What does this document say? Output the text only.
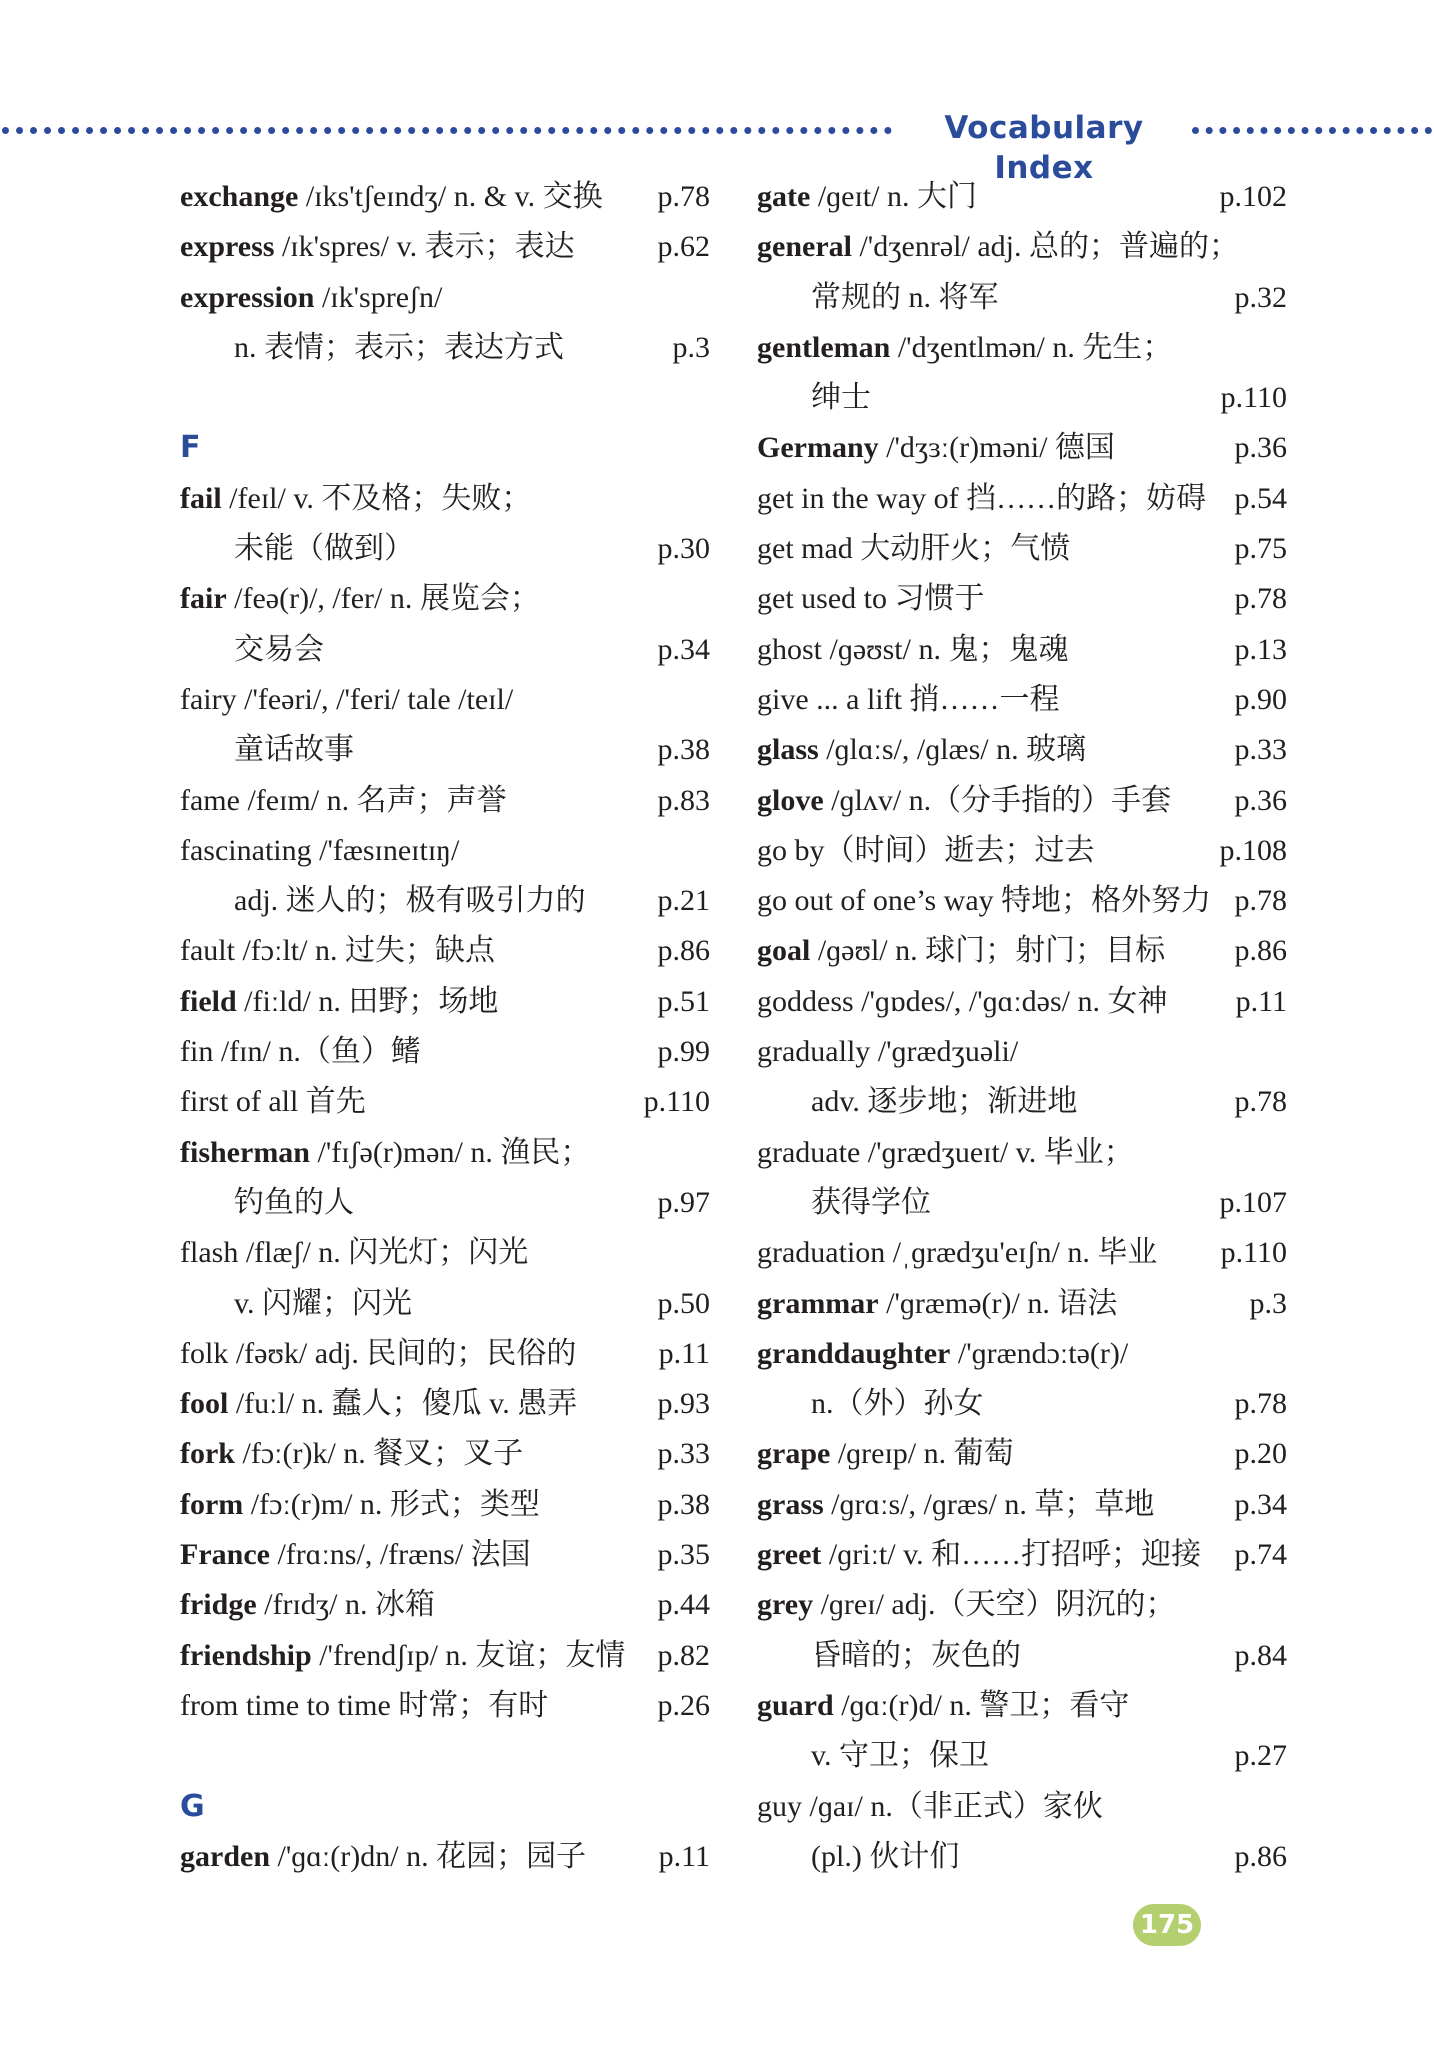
Vocabulary Index
exchange /ɪks'tʃeɪndʒ/ n. & v. 交换 p.78
express /ɪk'spres/ v. 表示；表达	p.62
expression /ɪk'spreʃn/
n. 表情；表示；表达方式	p.3
F
fail /feɪl/ v. 不及格；失败；
未能（做到）	p.30
fair /feə(r)/, /fer/ n. 展览会；
交易会	p.34
fairy /'feəri/, /'feri/ tale /teɪl/
童话故事	p.38
fame /feɪm/ n. 名声；声誉	p.83
fascinating /'fæsɪneɪtɪŋ/
adj. 迷人的；极有吸引力的 p.21
fault /fɔːlt/ n. 过失；缺点	p.86
field /fiːld/ n. 田野；场地	p.51
fin /fɪn/ n.（鱼）鳍	p.99
first of all 首先	p.110
fisherman /'fɪʃə(r)mən/ n. 渔民；
钓鱼的人	p.97
flash /flæʃ/ n. 闪光灯；闪光
v. 闪耀；闪光	p.50
folk /fəʊk/ adj. 民间的；民俗的	p.11
fool /fuːl/ n. 蠢人；傻瓜 v. 愚弄	p.93
fork /fɔː(r)k/ n. 餐叉；叉子	p.33
form /fɔː(r)m/ n. 形式；类型	p.38
France /frɑːns/, /fræns/ 法国	p.35
fridge /frɪdʒ/ n. 冰箱	p.44
friendship /'frendʃɪp/ n. 友谊；友情 p.82
from time to time 时常；有时	p.26
G
garden /'ɡɑː(r)dn/ n. 花园；园子 p.11
gate /ɡeɪt/ n. 大门	p.102
general /'dʒenrəl/ adj. 总的；普遍的；
常规的 n. 将军	p.32
gentleman /'dʒentlmən/ n. 先生；
绅士	p.110
Germany /'dʒɜː(r)məni/ 德国	p.36
get in the way of 挡……的路；妨碍 p.54
get mad 大动肝火；气愤	p.75
get used to 习惯于	p.78
ghost /ɡəʊst/ n. 鬼；鬼魂	p.13
give ... a lift 捎……一程	p.90
glass /ɡlɑːs/, /ɡlæs/ n. 玻璃	p.33
glove /ɡlʌv/ n.（分手指的）手套 p.36
go by（时间）逝去；过去	p.108
go out of one’s way 特地；格外努力 p.78
goal /ɡəʊl/ n. 球门；射门；目标 p.86
goddess /'ɡɒdes/, /'ɡɑːdəs/ n. 女神 p.11
gradually /'ɡrædʒuəli/
adv. 逐步地；渐进地	p.78
graduate /'ɡrædʒueɪt/ v. 毕业；
获得学位	p.107
graduation /ˌɡrædʒu'eɪʃn/ n. 毕业 p.110
grammar /'ɡræmə(r)/ n. 语法	p.3
granddaughter /'ɡrændɔːtə(r)/
n.（外）孙女	p.78
grape /ɡreɪp/ n. 葡萄	p.20
grass /ɡrɑːs/, /ɡræs/ n. 草；草地	p.34
greet /ɡriːt/ v. 和……打招呼；迎接 p.74
grey /ɡreɪ/ adj.（天空）阴沉的；
昏暗的；灰色的	p.84
guard /ɡɑː(r)d/ n. 警卫；看守
v. 守卫；保卫	p.27
guy /ɡaɪ/ n.（非正式）家伙
(pl.) 伙计们	p.86
175
